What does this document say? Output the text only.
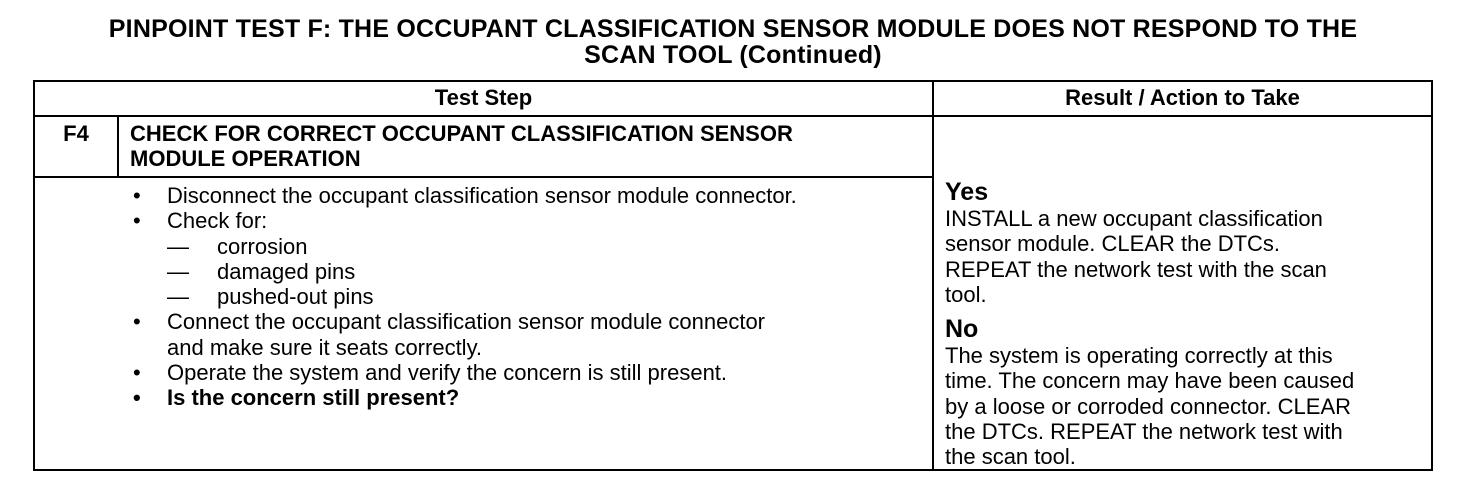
PINPOINT TEST F: THE OCCUPANT CLASSIFICATION SENSOR MODULE DOES NOT RESPOND TO THE
SCAN TOOL (Continued)
Test Step	Result / Action to Take
F4	CHECK FOR CORRECT OCCUPANT CLASSIFICATION SENSOR
MODULE OPERATION
• Disconnect the occupant classification sensor module connector.
• Check for:
— corrosion
— damaged pins
— pushed-out pins
• Connect the occupant classification sensor module connector
and make sure it seats correctly.
• Operate the system and verify the concern is still present.
• Is the concern still present?
Yes
INSTALL a new occupant classification
sensor module. CLEAR the DTCs.
REPEAT the network test with the scan
tool.
No
The system is operating correctly at this
time. The concern may have been caused
by a loose or corroded connector. CLEAR
the DTCs. REPEAT the network test with
the scan tool.
